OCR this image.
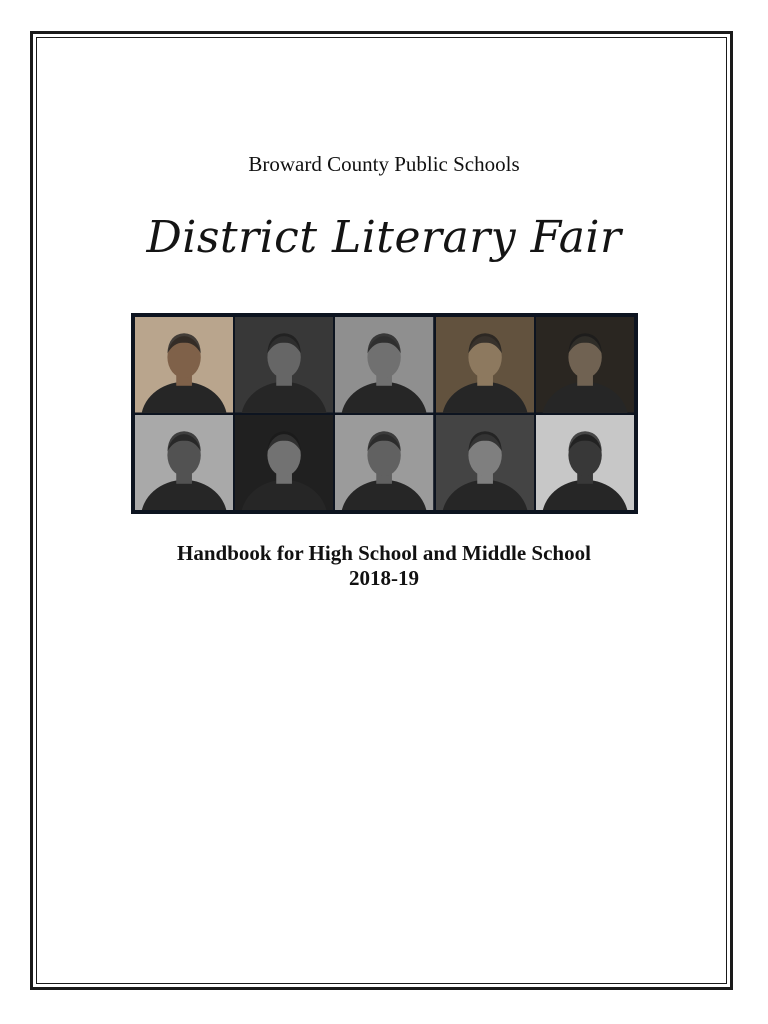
Broward County Public Schools

District Literary Fair

Handbook for High School and Middle School

2018-19
